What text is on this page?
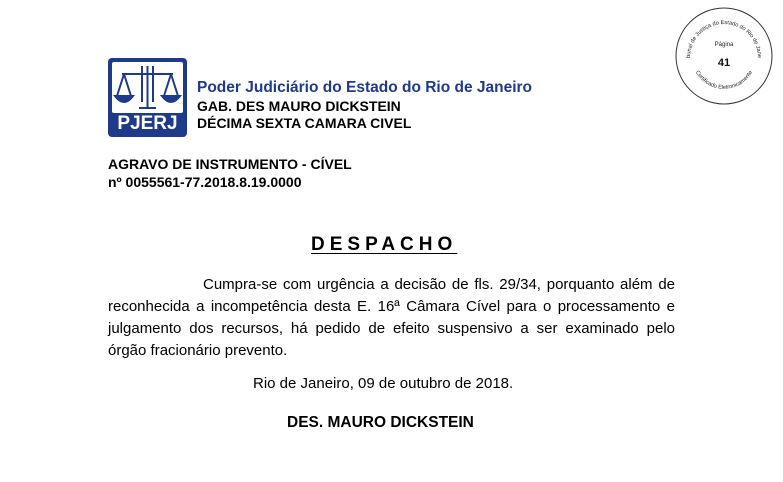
PJERJ
Poder Judiciário do Estado do Rio de Janeiro
GAB. DES MAURO DICKSTEIN
DÉCIMA SEXTA CAMARA CIVEL
bunal de Justiça do Estado do Rio de Jane
Certificado Eletronicamente
Página
41
AGRAVO DE INSTRUMENTO - CÍVEL
nº 0055561-77.2018.8.19.0000
DESPACHO
Cumpra-se com urgência a decisão de fls. 29/34, porquanto além de reconhecida a incompetência desta E. 16ª Câmara Cível para o processamento e julgamento dos recursos, há pedido de efeito suspensivo a ser examinado pelo órgão fracionário prevento.
Rio de Janeiro, 09 de outubro de 2018.
DES. MAURO DICKSTEIN
